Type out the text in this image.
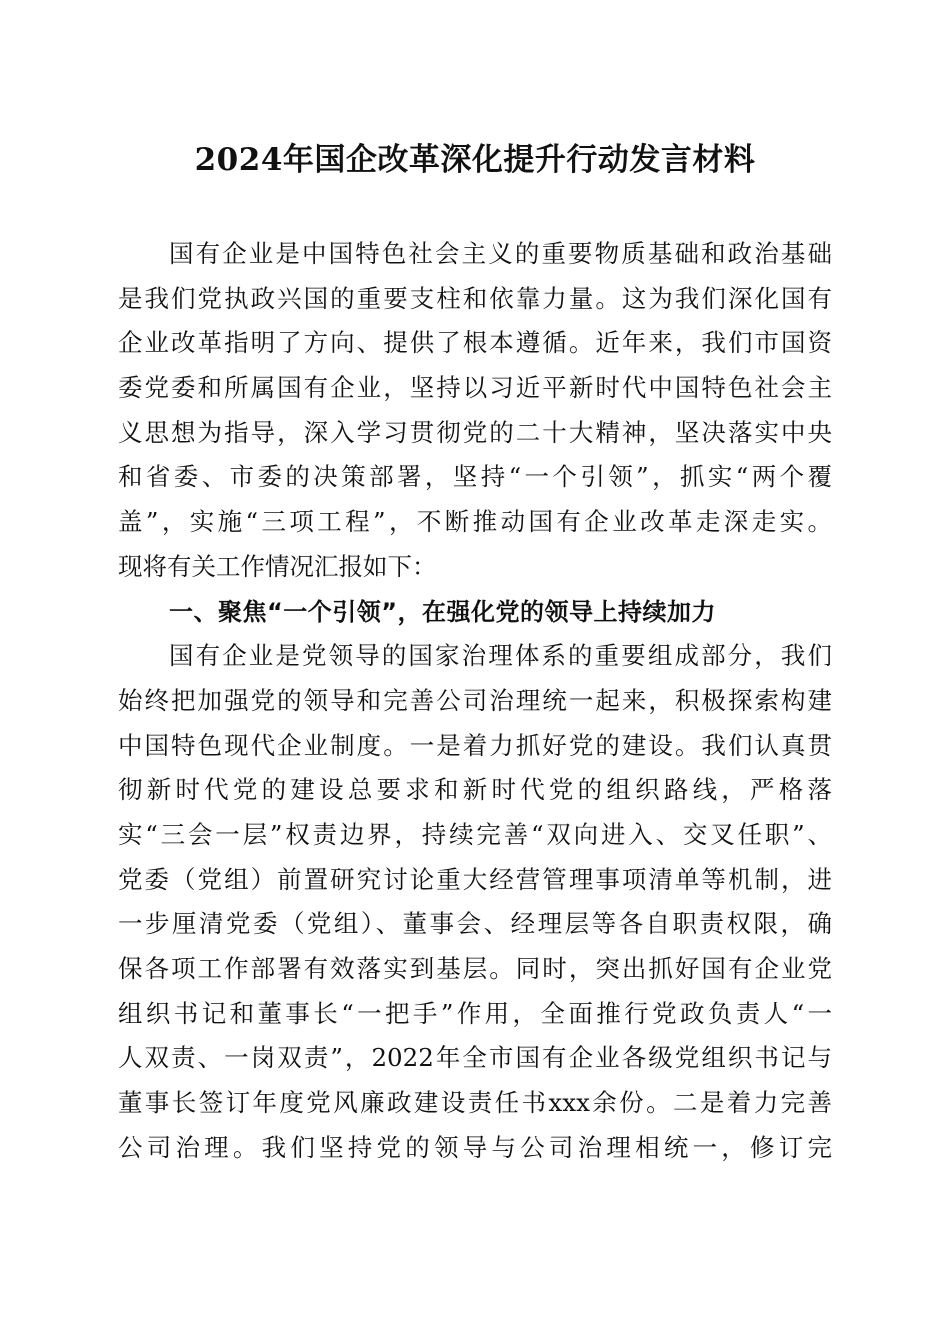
2024年国企改革深化提升行动发言材料
国有企业是中国特色社会主义的重要物质基础和政治基础
是我们党执政兴国的重要支柱和依靠力量。这为我们深化国有
企业改革指明了方向、提供了根本遵循。近年来，我们市国资
委党委和所属国有企业，坚持以习近平新时代中国特色社会主
义思想为指导，深入学习贯彻党的二十大精神，坚决落实中央
和省委、市委的决策部署，坚持“一个引领”，抓实“两个覆
盖”，实施“三项工程”，不断推动国有企业改革走深走实。
现将有关工作情况汇报如下：
一、聚焦“一个引领”，在强化党的领导上持续加力
国有企业是党领导的国家治理体系的重要组成部分，我们
始终把加强党的领导和完善公司治理统一起来，积极探索构建
中国特色现代企业制度。一是着力抓好党的建设。我们认真贯
彻新时代党的建设总要求和新时代党的组织路线，严格落
实“三会一层”权责边界，持续完善“双向进入、交叉任职”、
党委（党组）前置研究讨论重大经营管理事项清单等机制，进
一步厘清党委（党组）、董事会、经理层等各自职责权限，确
保各项工作部署有效落实到基层。同时，突出抓好国有企业党
组织书记和董事长“一把手”作用，全面推行党政负责人“一
人双责、一岗双责”，2022年全市国有企业各级党组织书记与
董事长签订年度党风廉政建设责任书xxx余份。二是着力完善
公司治理。我们坚持党的领导与公司治理相统一，修订完
